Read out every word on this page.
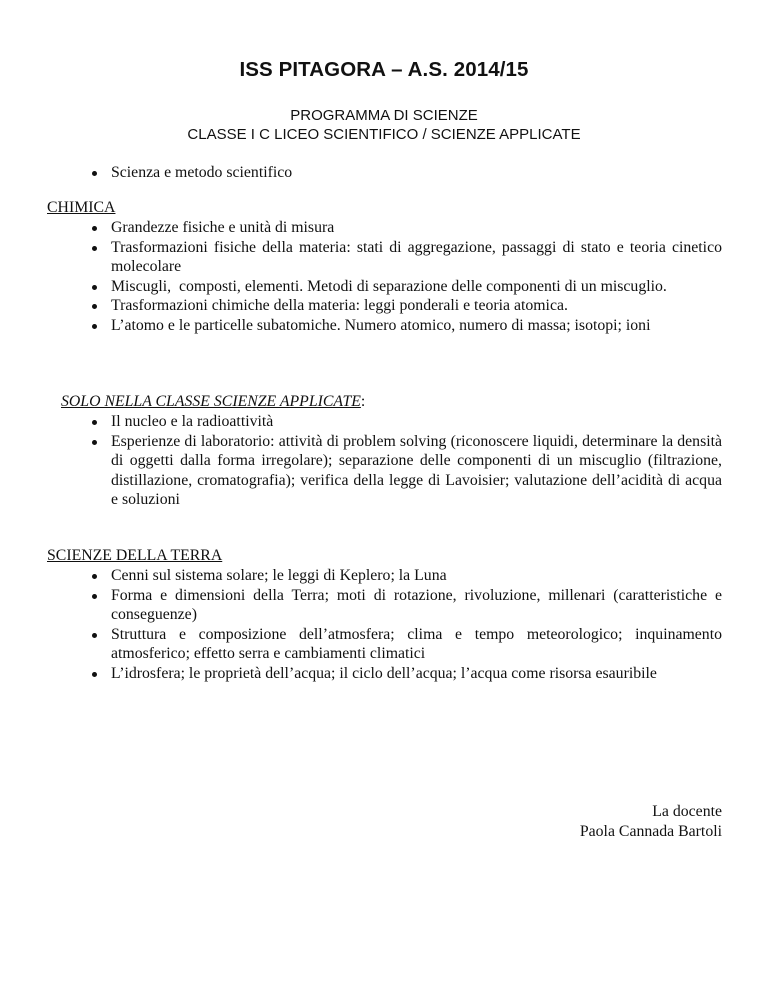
ISS PITAGORA – A.S. 2014/15
PROGRAMMA DI SCIENZE
CLASSE I C LICEO SCIENTIFICO / SCIENZE APPLICATE
Scienza e metodo scientifico
CHIMICA
Grandezze fisiche e unità di misura
Trasformazioni fisiche della materia: stati di aggregazione, passaggi di stato e teoria cinetico molecolare
Miscugli,  composti, elementi. Metodi di separazione delle componenti di un miscuglio.
Trasformazioni chimiche della materia: leggi ponderali e teoria atomica.
L’atomo e le particelle subatomiche. Numero atomico, numero di massa; isotopi; ioni
SOLO NELLA CLASSE SCIENZE APPLICATE:
Il nucleo e la radioattività
Esperienze di laboratorio: attività di problem solving (riconoscere liquidi, determinare la densità di oggetti dalla forma irregolare); separazione delle componenti di un miscuglio (filtrazione, distillazione, cromatografia); verifica della legge di Lavoisier; valutazione dell’acidità di acqua e soluzioni
SCIENZE DELLA TERRA
Cenni sul sistema solare; le leggi di Keplero; la Luna
Forma e dimensioni della Terra; moti di rotazione, rivoluzione, millenari (caratteristiche e conseguenze)
Struttura e composizione dell’atmosfera; clima e tempo meteorologico; inquinamento atmosferico; effetto serra e cambiamenti climatici
L’idrosfera; le proprietà dell’acqua; il ciclo dell’acqua; l’acqua come risorsa esauribile
La docente
Paola Cannada Bartoli
